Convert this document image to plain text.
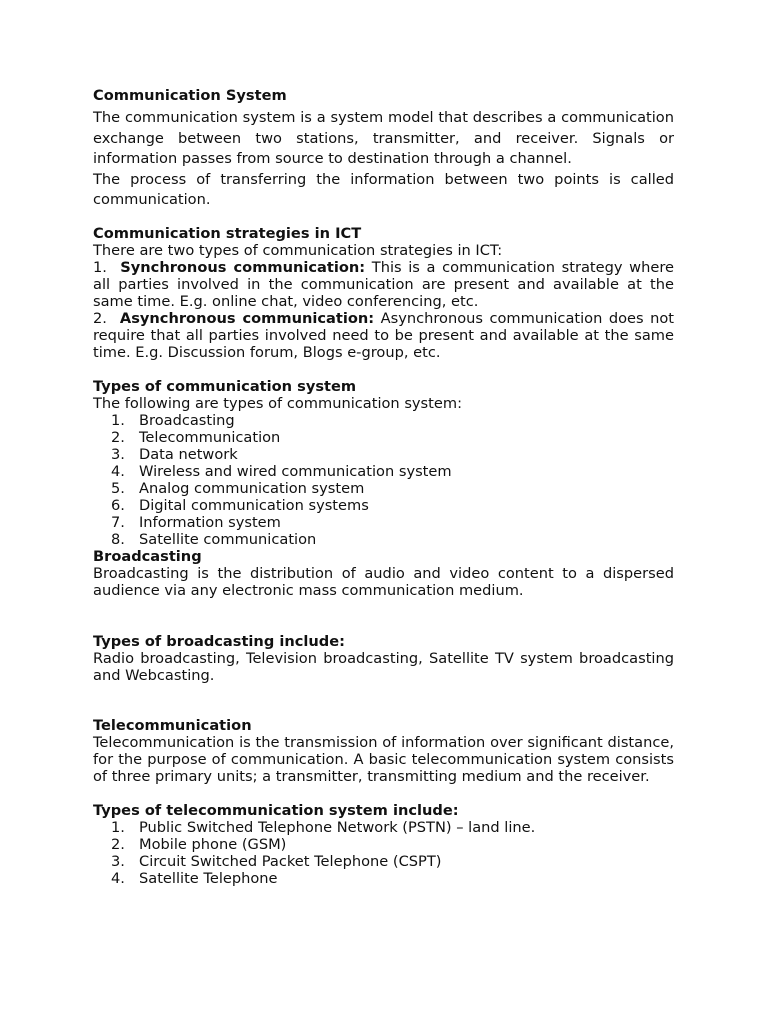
Communication System

The communication system is a system model that describes a communication exchange between two stations, transmitter, and receiver. Signals or information passes from source to destination through a channel.

The process of transferring the information between two points is called communication.

Communication strategies in ICT

There are two types of communication strategies in ICT:

1. Synchronous communication: This is a communication strategy where all parties involved in the communication are present and available at the same time. E.g. online chat, video conferencing, etc.

2. Asynchronous communication: Asynchronous communication does not require that all parties involved need to be present and available at the same time. E.g. Discussion forum, Blogs e-group, etc.

Types of communication system

The following are types of communication system:

1. Broadcasting
2. Telecommunication
3. Data network
4. Wireless and wired communication system
5. Analog communication system
6. Digital communication systems
7. Information system
8. Satellite communication
Broadcasting

Broadcasting is the distribution of audio and video content to a dispersed audience via any electronic mass communication medium.

Types of broadcasting include:

Radio broadcasting, Television broadcasting, Satellite TV system broadcasting and Webcasting.

Telecommunication

Telecommunication is the transmission of information over significant distance, for the purpose of communication. A basic telecommunication system consists of three primary units; a transmitter, transmitting medium and the receiver.

Types of telecommunication system include:
1. Public Switched Telephone Network (PSTN) – land line.
2. Mobile phone (GSM)
3. Circuit Switched Packet Telephone (CSPT)
4. Satellite Telephone
